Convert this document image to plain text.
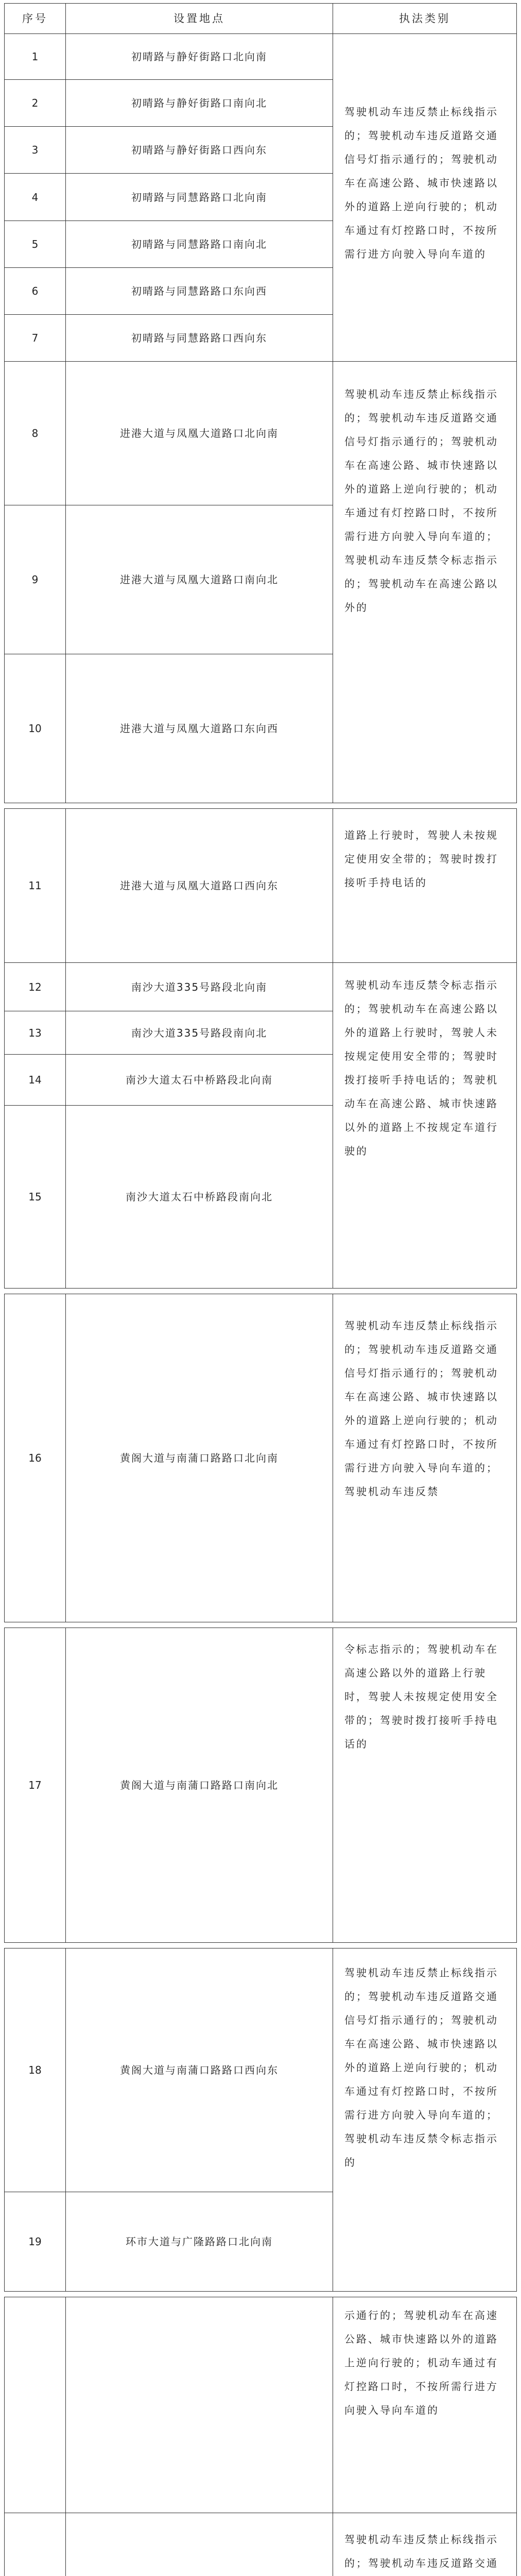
序号	设置地点	执法类别
1	初晴路与静好街路口北向南
2	初晴路与静好街路口南向北
3	初晴路与静好街路口西向东
4	初晴路与同慧路路口北向南
5	初晴路与同慧路路口南向北
6	初晴路与同慧路路口东向西
7	初晴路与同慧路路口西向东
驾驶机动车违反禁止标线指示的；驾驶机动车违反道路交通信号灯指示通行的；驾驶机动车在高速公路、城市快速路以外的道路上逆向行驶的；机动车通过有灯控路口时，不按所需行进方向驶入导向车道的
8	进港大道与凤凰大道路口北向南
9	进港大道与凤凰大道路口南向北
10	进港大道与凤凰大道路口东向西
驾驶机动车违反禁止标线指示的；驾驶机动车违反道路交通信号灯指示通行的；驾驶机动车在高速公路、城市快速路以外的道路上逆向行驶的；机动车通过有灯控路口时，不按所需行进方向驶入导向车道的；驾驶机动车违反禁令标志指示的；驾驶机动车在高速公路以外的
11	进港大道与凤凰大道路口西向东
道路上行驶时，驾驶人未按规定使用安全带的；驾驶时拨打接听手持电话的
12	南沙大道335号路段北向南
13	南沙大道335号路段南向北
14	南沙大道太石中桥路段北向南
15	南沙大道太石中桥路段南向北
驾驶机动车违反禁令标志指示的；驾驶机动车在高速公路以外的道路上行驶时，驾驶人未按规定使用安全带的；驾驶时拨打接听手持电话的；驾驶机动车在高速公路、城市快速路以外的道路上不按规定车道行驶的
16	黄阁大道与南蒲口路路口北向南
驾驶机动车违反禁止标线指示的；驾驶机动车违反道路交通信号灯指示通行的；驾驶机动车在高速公路、城市快速路以外的道路上逆向行驶的；机动车通过有灯控路口时，不按所需行进方向驶入导向车道的；驾驶机动车违反禁
17	黄阁大道与南蒲口路路口南向北
令标志指示的；驾驶机动车在高速公路以外的道路上行驶时，驾驶人未按规定使用安全带的；驾驶时拨打接听手持电话的
18	黄阁大道与南蒲口路路口西向东
19	环市大道与广隆路路口北向南
驾驶机动车违反禁止标线指示的；驾驶机动车违反道路交通信号灯指示通行的；驾驶机动车在高速公路、城市快速路以外的道路上逆向行驶的；机动车通过有灯控路口时，不按所需行进方向驶入导向车道的；驾驶机动车违反禁令标志指示的
示通行的；驾驶机动车在高速公路、城市快速路以外的道路上逆向行驶的；机动车通过有灯控路口时，不按所需行进方向驶入导向车道的
驾驶机动车违反禁止标线指示的；驾驶机动车违反道路交通
